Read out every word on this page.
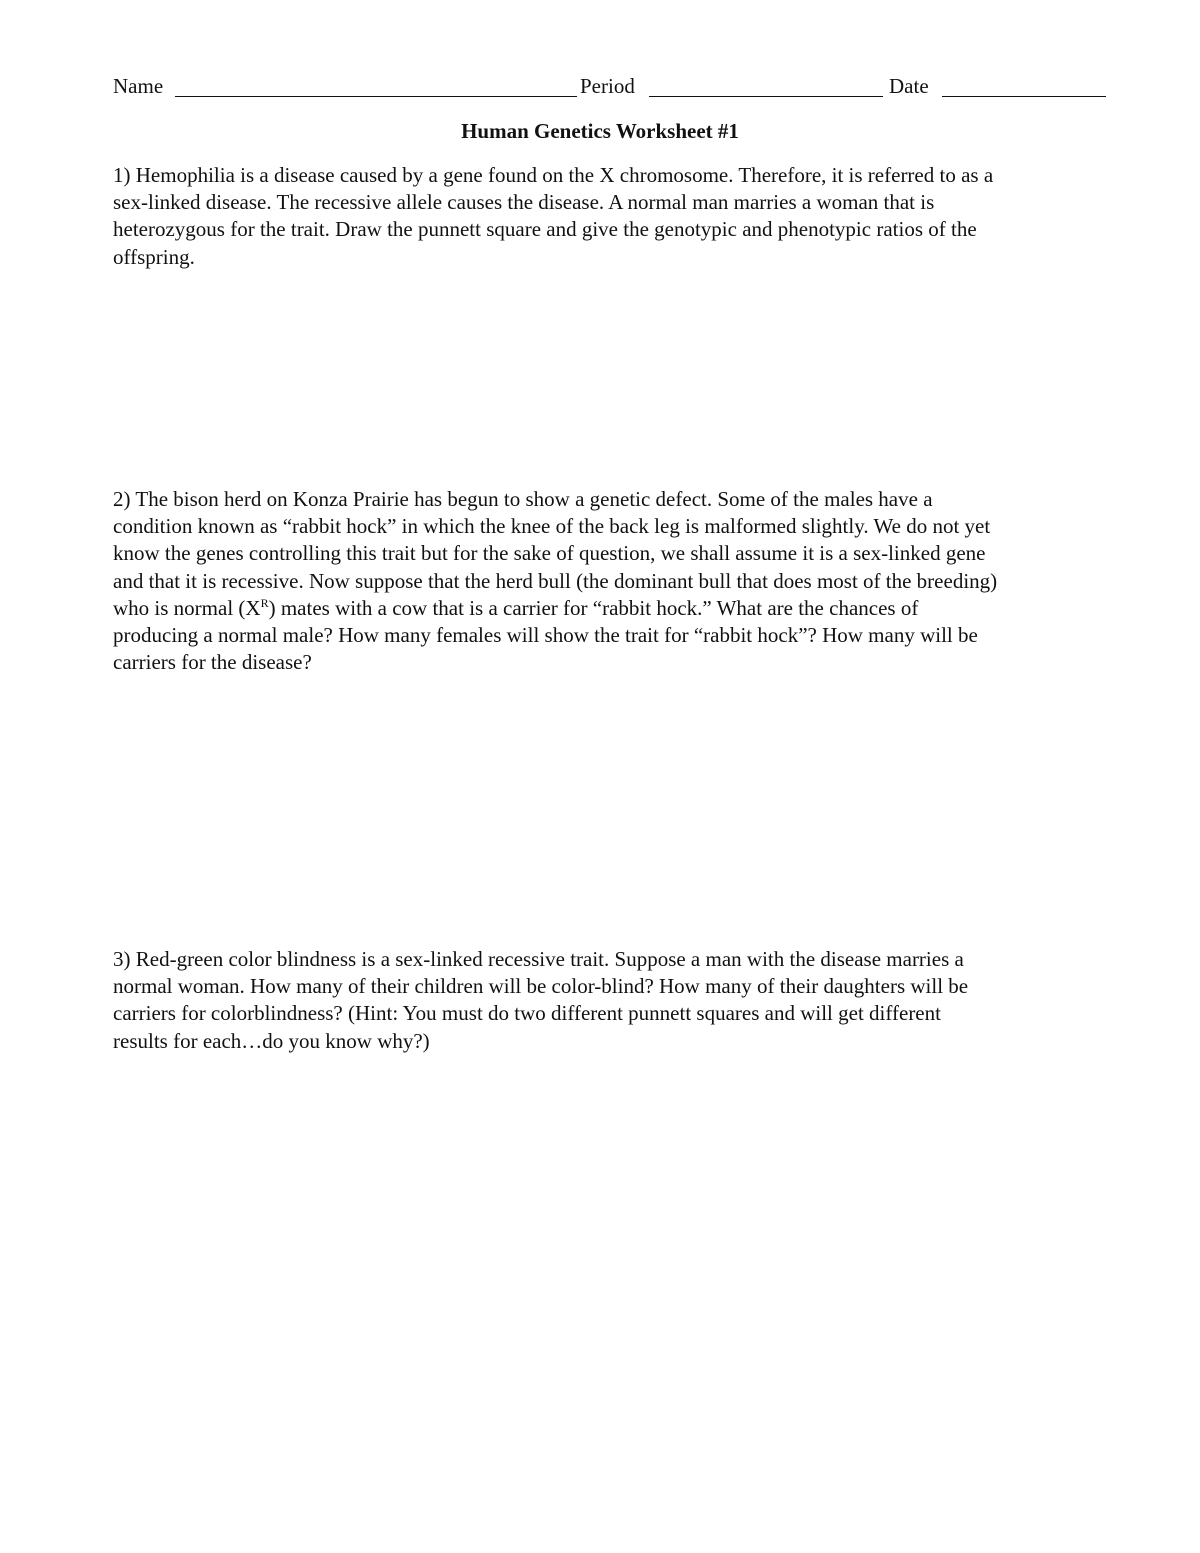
Name	Period	Date
Human Genetics Worksheet #1
1) Hemophilia is a disease caused by a gene found on the X chromosome. Therefore, it is referred to as a
sex-linked disease. The recessive allele causes the disease. A normal man marries a woman that is
heterozygous for the trait. Draw the punnett square and give the genotypic and phenotypic ratios of the
offspring.
2) The bison herd on Konza Prairie has begun to show a genetic defect. Some of the males have a
condition known as “rabbit hock” in which the knee of the back leg is malformed slightly. We do not yet
know the genes controlling this trait but for the sake of question, we shall assume it is a sex-linked gene
and that it is recessive. Now suppose that the herd bull (the dominant bull that does most of the breeding)
who is normal $(X^R)$ mates with a cow that is a carrier for “rabbit hock.” What are the chances of
producing a normal male? How many females will show the trait for “rabbit hock”? How many will be
carriers for the disease?
3) Red-green color blindness is a sex-linked recessive trait. Suppose a man with the disease marries a
normal woman. How many of their children will be color-blind? How many of their daughters will be
carriers for colorblindness? (Hint: You must do two different punnett squares and will get different
results for each…do you know why?)
